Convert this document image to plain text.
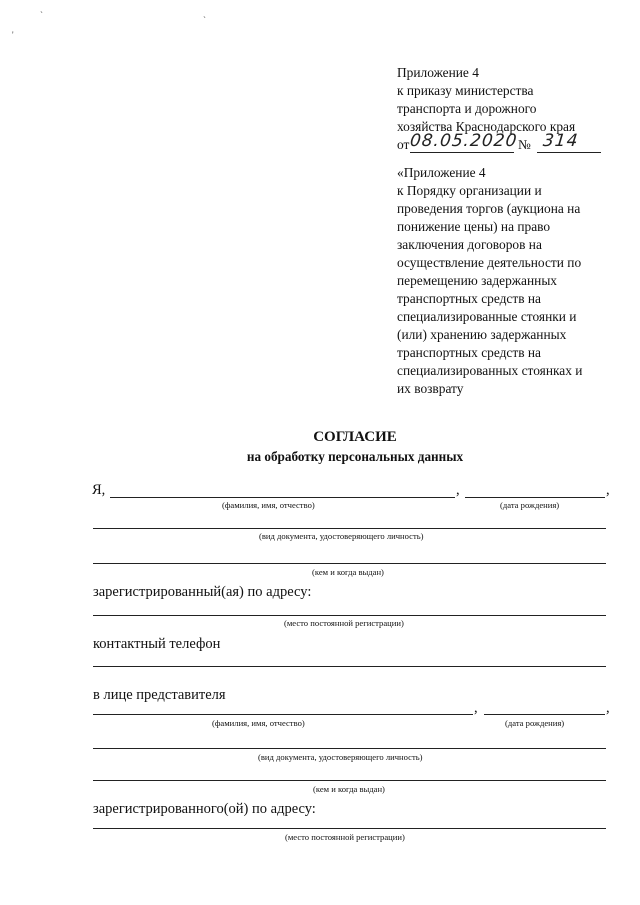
'
`	`
Приложение 4
к приказу министерства
транспорта и дорожного
хозяйства Краснодарского края
от 08.05.2020 № 314
«Приложение 4
к Порядку организации и
проведения торгов (аукциона на
понижение цены) на право
заключения договоров на
осуществление деятельности по
перемещению задержанных
транспортных средств на
специализированные стоянки и
(или) хранению задержанных
транспортных средств на
специализированных стоянках и
их возврату
СОГЛАСИЕ
на обработку персональных данных
Я,	,	,
(фамилия, имя, отчество)	(дата рождения)
(вид документа, удостоверяющего личность)
(кем и когда выдан)
зарегистрированный(ая) по адресу:
(место постоянной регистрации)
контактный телефон
в лице представителя
,	,
(фамилия, имя, отчество)	(дата рождения)
(вид документа, удостоверяющего личность)
(кем и когда выдан)
зарегистрированного(ой) по адресу:
(место постоянной регистрации)
